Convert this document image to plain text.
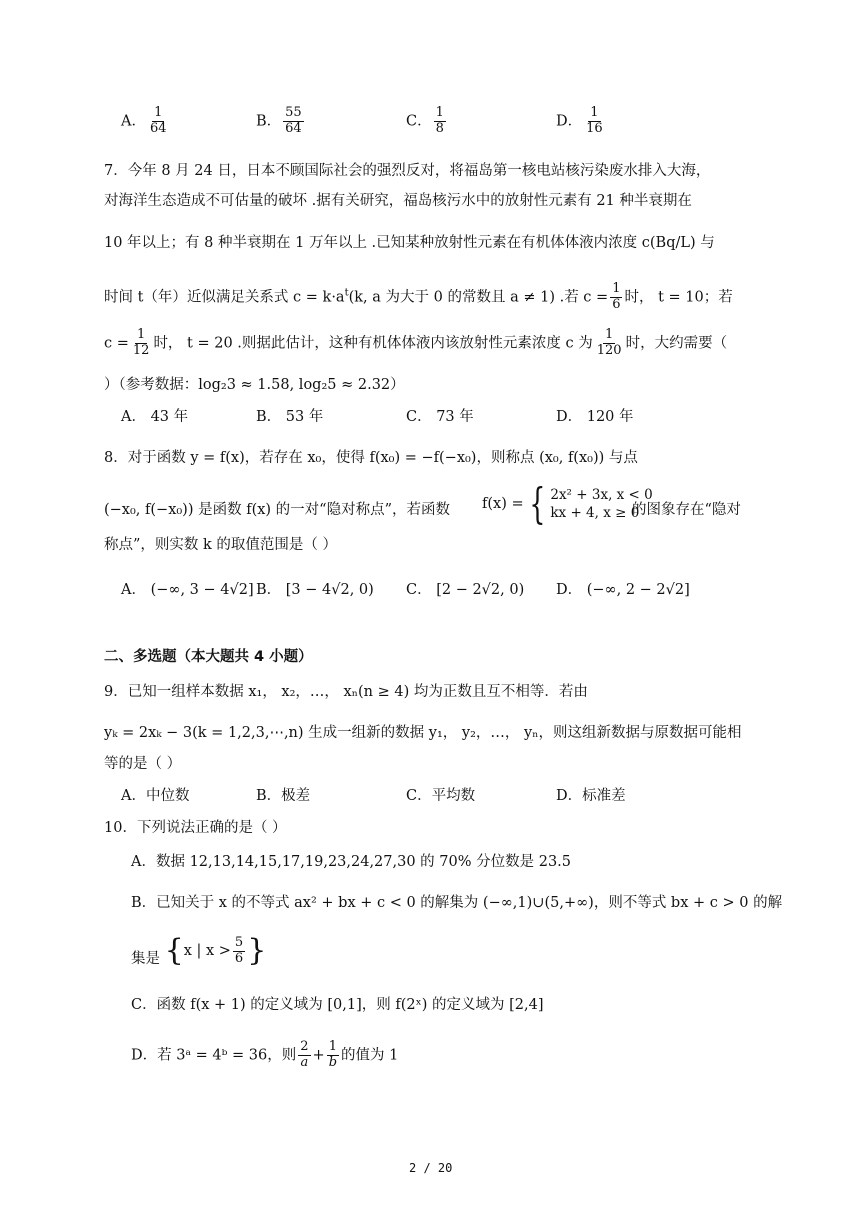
A． $\frac{1}{64}$	B． $\frac{55}{64}$	C． $\frac{1}{8}$	D． $\frac{1}{16}$
7．今年 8 月 24 日，日本不顾国际社会的强烈反对，将福岛第一核电站核污染废水排入大海，
对海洋生态造成不可估量的破坏 .据有关研究，福岛核污水中的放射性元素有 21 种半衰期在
10 年以上；有 8 种半衰期在 1 万年以上 .已知某种放射性元素在有机体体液内浓度 c(Bq/L) 与
时间 t（年）近似满足关系式 $c = k\cdot a^t(k$, a 为大于 0 的常数且 a ≠ 1) .若 $c = \frac{1}{6}$ 时， t = 10；若
$c = \frac{1}{12}$ 时， t = 20 .则据此估计，这种有机体体液内该放射性元素浓度 c 为 $\frac{1}{120}$ 时，大约需要（
）（参考数据：log₂3 ≈ 1.58, log₂5 ≈ 2.32）
A． 43 年	B． 53 年	C． 73 年	D． 120 年
8．对于函数 y = f(x)，若存在 x₀，使得 f(x₀) = −f(−x₀)，则称点 (x₀, f(x₀)) 与点
(−x₀, f(−x₀)) 是函数 f(x) 的一对“隐对称点”，若函数 f(x) = { 2x² + 3x, x < 0
kx + 4, x ≥ 0
的图象存在“隐对
称点”，则实数 k 的取值范围是（ ）
A． (−∞, 3 − 4√2] B． [3 − 4√2, 0) C． [2 − 2√2, 0) D． (−∞, 2 − 2√2]
二、多选题（本大题共 4 小题）
9．已知一组样本数据 x₁， x₂，…， xₙ(n ≥ 4) 均为正数且互不相等．若由
yₖ = 2xₖ − 3(k = 1,2,3,⋯,n) 生成一组新的数据 y₁， y₂，…， yₙ，则这组新数据与原数据可能相
等的是（ ）
A．中位数	B．极差	C．平均数	D．标准差
10．下列说法正确的是（ ）
A．数据 12,13,14,15,17,19,23,24,27,30 的 70% 分位数是 23.5
B．已知关于 x 的不等式 ax² + bx + c < 0 的解集为 (−∞,1)∪(5,+∞)，则不等式 bx + c > 0 的解
集是 {x | $x > \frac{5}{6}$ }
C．函数 f(x + 1) 的定义域为 [0,1]，则 f(2ˣ) 的定义域为 [2,4]
D．若 3ᵃ = 4ᵇ = 36，则 $\frac{2}{a} + \frac{1}{b}$ 的值为 1
2 / 20
